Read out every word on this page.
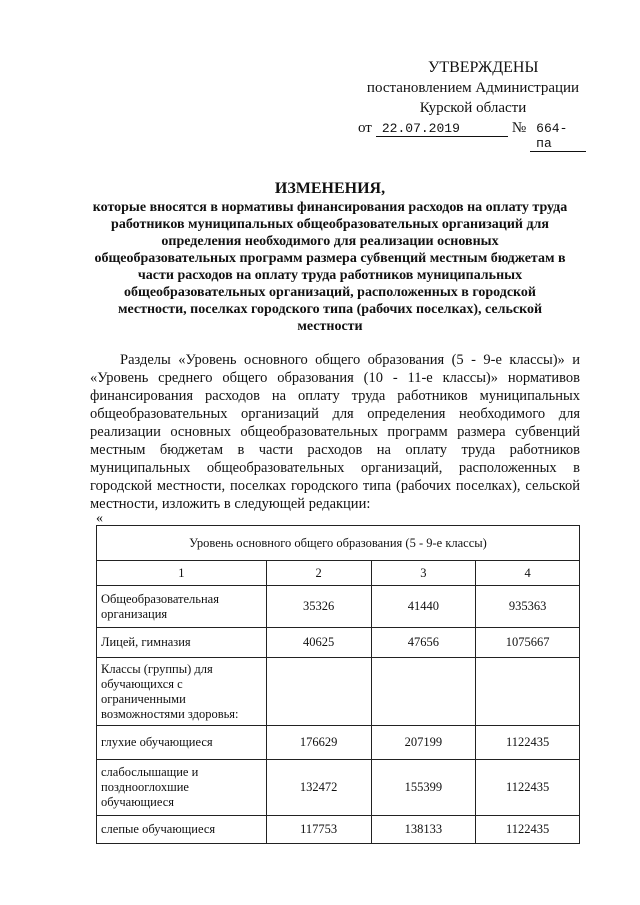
УТВЕРЖДЕНЫ
постановлением Администрации
Курской области
от 22.07.2019	№ 664-па
ИЗМЕНЕНИЯ,
которые вносятся в нормативы финансирования расходов на оплату труда работников муниципальных общеобразовательных организаций для определения необходимого для реализации основных общеобразовательных программ размера субвенций местным бюджетам в части расходов на оплату труда работников муниципальных общеобразовательных организаций, расположенных в городской местности, поселках городского типа (рабочих поселках), сельской местности
Разделы «Уровень основного общего образования (5 - 9-е классы)» и «Уровень среднего общего образования (10 - 11-е классы)» нормативов финансирования расходов на оплату труда работников муниципальных общеобразовательных организаций для определения необходимого для реализации основных общеобразовательных программ размера субвенций местным бюджетам в части расходов на оплату труда работников муниципальных общеобразовательных организаций, расположенных в городской местности, поселках городского типа (рабочих поселках), сельской местности, изложить в следующей редакции:
«
Уровень основного общего образования (5 - 9-е классы)			
1	2	3	4
Общеобразовательная организация	35326	41440	935363
Лицей, гимназия	40625	47656	1075667
Классы (группы) для обучающихся с ограниченными возможностями здоровья:			
глухие обучающиеся	176629	207199	1122435
слабослышащие и позднооглохшие обучающиеся	132472	155399	1122435
слепые обучающиеся	117753	138133	1122435
